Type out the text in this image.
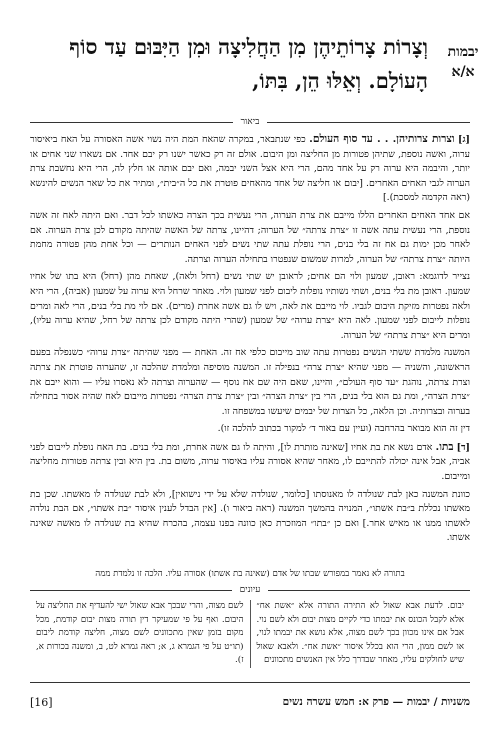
יבמות
א/א
וְצָרוֹת צָרוֹתֵיהֶן מִן הַחֲלִיצָה וּמִן הַיִּבּוּם עַד סוֹף הָעוֹלָם. וְאֵלּוּ הֵן, בִּתּוֹ,
ביאור

[ג] וצרות צרותיהן. . . עד סוף העולם. כפי שנתבאר, במקרה שהאח המת היה נשוי אשה האסורה על האח ביאיסור ערוה, ואשה נוספת, שתיהן פטורות מן החליצה ומן היבום. אולם זה רק כאשר ישנו רק יבם אחד. אם נשארו שני אחים או יותר, והיבמה היא ערוה רק על אחד מהם, הרי היא אצל השני יבמה, ואם יבם אותה או חלץ לה, הרי היא נחשבת צרת הערוה לגבי האחים האחרים. [יבום או חליצה של אחד מהאחים פוטרת את כל ה״בית״, ומתיר את כל שאר הנשים להינשא (ראה הקדמה למסכת).]

אם אחד האחים האחרים הללו מייבם את צרת הערוה, הרי נעשית בכך הצרה כאשתו לכל דבר. ואם היתה לאח זה אשה נוספת, הרי נעשית עתה אשה זו ״צרת צרתה״ של הערוה; דהיינו, צרתה של האשה שהיתה מקודם לכן צרת הערוה. אם לאחר מכן ימות גם אח זה בלי בנים, הרי נופלת עתה שתי נשים לפני האחים הנותרים — וכל אחת מהן פטורה מחמת היותה ״צרת צרתה״ של הערוה, למרות שמשום שנפטרו בתחילה הערוה וצרתה.

נצייר לדוגמא: ראובן, שמעון ולוי הם אחים; לראובן יש שתי נשים (רחל ולאה), שאחת מהן (רחל) היא בתו של אחיו שמעון. ראובן מת בלי בנים, ושתי נשותיו נופלות ליבום לפני שמעון ולוי. מאחר שרחל היא ערוה על שמעון (אביה), הרי היא ולאה נפטרות מזיקת היבום לגביו. לוי מייבם את לאה, ויש לו גם אשה אחרת (מרים). אם לוי מת בלי בנים, הרי לאה ומרים נופלות לייבום לפני שמעון. לאה היא ״צרת ערוה״ של שמעון (שהרי היתה מקודם לכן צרתה של רחל, שהיא ערוה עליו), ומרים היא ״צרת צרתה״ של הערוה.

המשנה מלמדת ששתי הנשים נפטרות עתה שוב מייבום כלפי אח זה. האחת — מפני שהיתה ״צרת ערוה״ כשנפלה בפעם הראשונה, והשניה — מפני שהיא ״צרת צרה״ בנפילה זו. המשנה מוסיפה ומלמדת שהלכה זו, שהערוה פוטרת את צרתה וצרת צרתה, נוהגת ״עד סוף העולם״, והיינו, שאם היה שם אח נוסף — שהערוה וצרתה לא נאסרו עליו — והוא ייבם את ״צרת הצרה״, ומת גם הוא בלי בנים, הרי בין ״צרת הצרה״ ובין ״צרת צרת הצרה״ נפטרות מייבום לאח שהיה אסור בתחילה בערוה ובצרותיה. וכן הלאה, כל הצרות של יבמים שיעשו במשפחה זו.

דין זה הוא מבואר בהרחבה (ועיין עם באור ד׳ למקור בכתוב להלכה זו).

[ד] בתו. אדם נשא את בת אחיו [שאינה מותרת לו], והיתה לו גם אשה אחרת, ומת בלי בנים. בת האח נופלת לייבום לפני אביה, אבל אינה יכולה להתייבם לו, מאחר שהיא אסורה עליו באיסור ערוה, משום בת. בין היא ובין צרתה פטורות מחליצה ומייבום.

כוונת המשנה כאן לבת שנולדה לו מאנוסתו [כלומר, שנולדה שלא על ידי נישואין], ולא לבת שנולדה לו מאשתו. שכן בת מאשתו נכללת ב״בת אשתו״, המנויה בהמשך המשנה (ראה ביאור ו). [אין הבדל לענין איסור ״בת אשתו״, אם הבת נולדה לאשתו ממנו או מאיש אחר.] ואם כן ״בתו״ המוזכרת כאן כוונה בפנו עצמה, בהכרח שהיא בת שנולדה לו מאשה שאינה אשתו.

בתורה לא נאמר במפורש שבתו של אדם (שאינה בת אשתו) אסורה עליו. הלכה זו נלמדת ממה
עיונים
יבום. לדעת אבא שאול לא התירה התורה אלא ״אשת אח״ אלא לקבל הכונס את יבמתו כדי לקיים מצות יבום ולא לשם נוי. אבל אם אינו מכוון בכך לשם מצוה, אלא נושא את יבמתו לנוי, או לשם ממון, הרי הוא בכלל איסור ״אשת אח״. ולאבא שאול שיש לחולקים עליו, מאחר שבדרך כלל אין האנשים מתכוונים
לשם מצוה, והרי שבכך אבא שאול ישי להעדיף את החליצה על היבום. ואף על פי שמעיקר דין תורה מצות יבום קודמת, מכל מקום בזמן שאין מתכוונים לשם מצוה, חליצה קודמת ליבום (תו״ט על פי הגמרא ג, א; ראה גמרא לט, ב, ומשנה בכורות א, ז).
משניות / יבמות — פרק א: חמש עשרה נשים
[16]
